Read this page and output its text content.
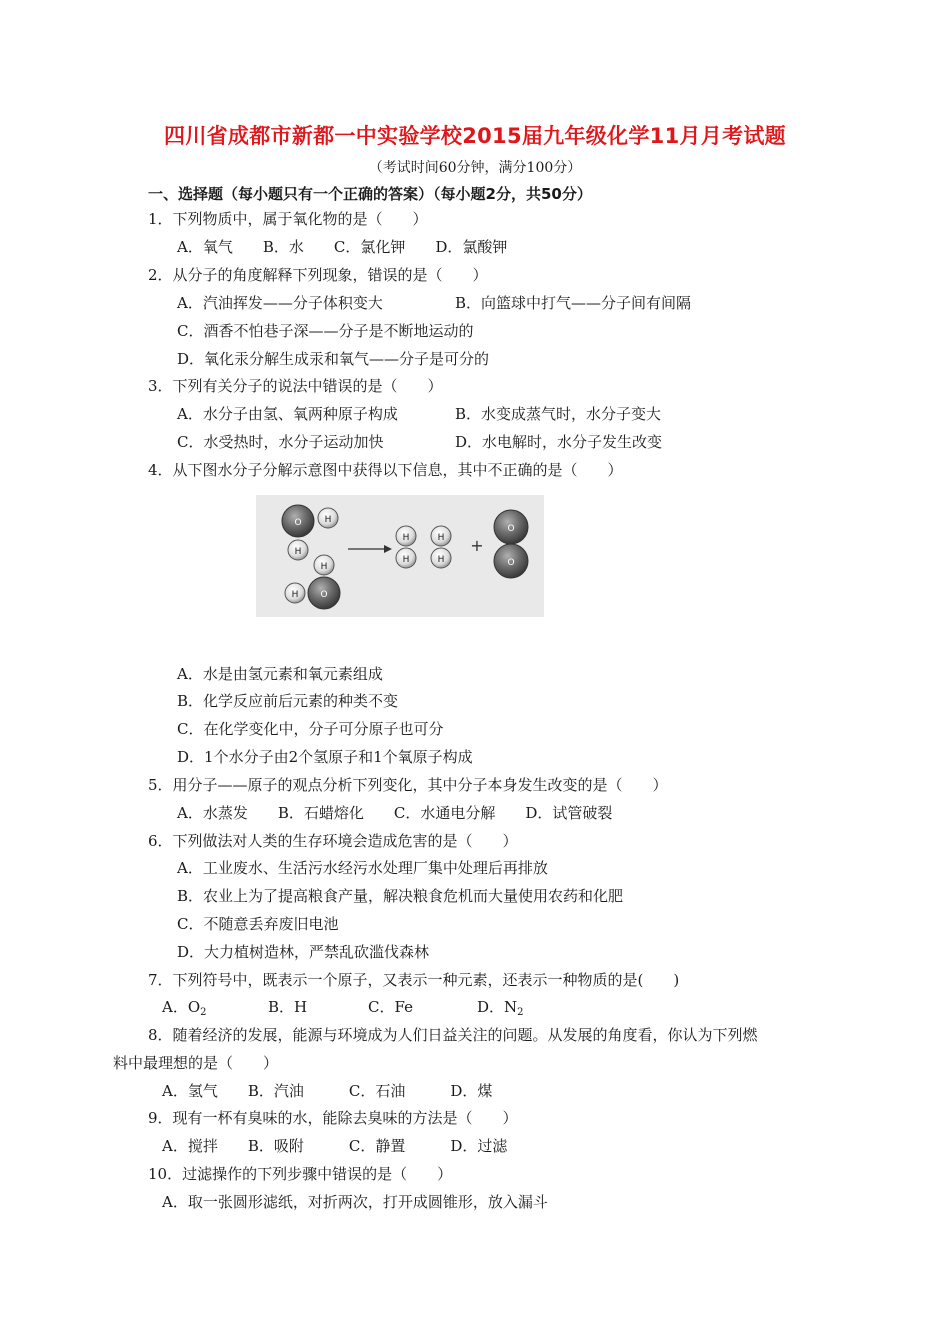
四川省成都市新都一中实验学校2015届九年级化学11月月考试题
（考试时间60分钟，满分100分）
一、选择题（每小题只有一个正确的答案）（每小题2分，共50分）
1．下列物质中，属于氧化物的是（　　）
A．氧气　　B．水　　C．氯化钾　　D．氯酸钾
2．从分子的角度解释下列现象，错误的是（　　）
A．汽油挥发——分子体积变大	B．向篮球中打气——分子间有间隔
C．酒香不怕巷子深——分子是不断地运动的
D．氧化汞分解生成汞和氧气——分子是可分的
3．下列有关分子的说法中错误的是（　　）
A．水分子由氢、氧两种原子构成	B．水变成蒸气时，水分子变大
C．水受热时，水分子运动加快	D．水电解时，水分子发生改变
4．从下图水分子分解示意图中获得以下信息，其中不正确的是（　　）
O	H
H
O
H
H
H
H
H
H
+
O
O
A．水是由氢元素和氧元素组成
B．化学反应前后元素的种类不变
C．在化学变化中，分子可分原子也可分
D．1个水分子由2个氢原子和1个氧原子构成
5．用分子——原子的观点分析下列变化，其中分子本身发生改变的是（　　）
A．水蒸发　　B．石蜡熔化　　C．水通电分解　　D．试管破裂
6．下列做法对人类的生存环境会造成危害的是（　　）
A．工业废水、生活污水经污水处理厂集中处理后再排放
B．农业上为了提高粮食产量，解决粮食危机而大量使用农药和化肥
C．不随意丢弃废旧电池
D．大力植树造林，严禁乱砍滥伐森林
7．下列符号中，既表示一个原子，又表示一种元素，还表示一种物质的是(　　)
A．$O_2$	B．H	C．Fe	D．$N_2$
8．随着经济的发展，能源与环境成为人们日益关注的问题。从发展的角度看，你认为下列燃
料中最理想的是（　　）
A．氢气　　B．汽油　　　C．石油　　　D．煤
9．现有一杯有臭味的水，能除去臭味的方法是（　　）
A．搅拌　　B．吸附　　　C．静置　　　D．过滤
10．过滤操作的下列步骤中错误的是（　　）
A．取一张圆形滤纸，对折两次，打开成圆锥形，放入漏斗
